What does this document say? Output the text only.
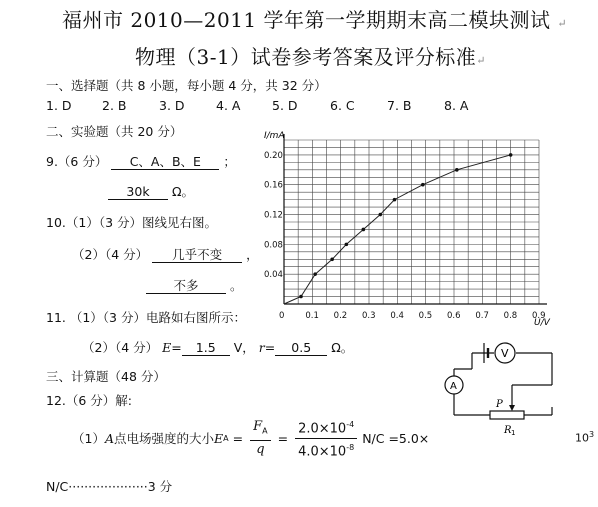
福州市 2010—2011 学年第一学期期末高二模块测试 ↵
物理（3-1）试卷参考答案及评分标准↵
一、选择题（共 8 小题，每小题 4 分，共 32 分）
1. D 2. B	3. D	4. A	5. D	6. C	7. B	8. A
二、实验题（共 20 分）
9.（6 分） C、A、B、E ；
30k Ω。
10.（1）（3 分）图线见右图。
（2）（4 分） 几乎不变 ，
不多	。
11. （1）（3 分）电路如右图所示：
（2）（4 分） E= 1.5 V， r= 0.5 Ω。
三、计算题（48 分）
12.（6 分）解:
（1） A 点电场强度的大小 E $A = \frac{F_A}{q} = \frac{2.0\times 10^{-4}}{4.0\times 10^{-8}} N/C =5.0\times$	$10^3$
N/C····················3 分
0 0.1 0.2 0.3 0.4 0.5 0.6 0.7 0.8 0.9
0.04
0.08
0.12
0.16
0.20
I/mA
U/V
V
A
P
R 1
